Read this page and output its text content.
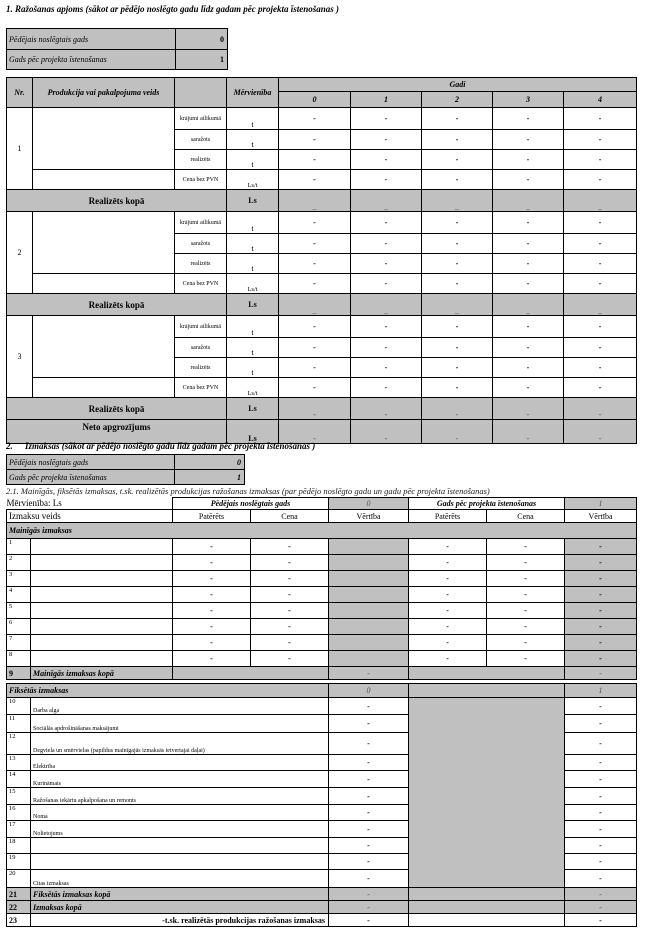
1. Ražošanas apjoms (sākot ar pēdējo noslēgto gadu līdz gadam pēc projekta īstenošanas )
Pēdējais noslēgtais gads	0
Gads pēc projekta īstenošanas	1
Nr.	Produkcija vai pakalpojuma veids		Mērvienība	Gadi				
				0	1	2	3	4
1		krājumi atlikumā	t	-	-	-	-	-
		saražots	t	-	-	-	-	-
		realizēts	t	-	-	-	-	-
		Cena bez PVN	Ls/t	-	-	-	-	-
Realizēts kopā			Ls	_	_	_	_	_
2		krājumi atlikumā	t	-	-	-	-	-
		saražots	t	-	-	-	-	-
		realizēts	t	-	-	-	-	-
		Cena bez PVN	Ls/t	-	-	-	-	-
Realizēts kopā			Ls	_	_	_	_	_
3		krājumi atlikumā	t	-	-	-	-	-
		saražots	t	-	-	-	-	-
		realizēts	t	-	-	-	-	-
		Cena bez PVN	Ls/t	-	-	-	-	-
Realizēts kopā			Ls	-	-	-	-	-
Neto apgrozījums			Ls	-	-	-	-	-
2. Izmaksas (sākot ar pēdējo noslēgto gadu līdz gadam pēc projekta īstenošanas )
Pēdējais noslēgtais gads	0
Gads pēc projekta īstenošanas	1
2.1. Mainīgās, fiksētās izmaksas, t.sk. realizētās produkcijas ražošanas izmaksas (par pēdējo noslēgto gadu un gadu pēc projekta īstenošanas)
Mērvienība: Ls		Pēdējais noslēgtais gads		0	Gads pēc projekta īstenošanas		1
Izmaksu veids		Patērēts	Cena	Vērtība	Patērēts	Cena	Vērtība
Mainīgās izmaksas							
1		-	-		-	-	-
2		-	-		-	-	-
3		-	-		-	-	-
4		-	-		-	-	-
5		-	-		-	-	-
6		-	-		-	-	-
7		-	-		-	-	-
8		-	-		-	-	-
9	Mainīgās izmaksas kopā			-			-

Fiksētās izmaksas				0			1
10	Darba alga			-			-
11	Sociālās apdrošināšanas maksājumi			-			-
12	Degviela un smērvielas (papildus mainīgajās izmaksās ietvertajai daļai)			-			-
13	Elektrība			-			-
14	Kurināmais			-			-
15	Ražošanas iekārtu apkalpošana un remonts			-			-
16	Noma			-			-
17	Nolietojums			-			-
18				-			-
19				-			-
20	Citas izmaksas			-			-
21	Fiksētās izmaksas kopā			-			-
22	Izmaksas kopā			-			-
23	-t.sk. realizētās produkcijas ražošanas izmaksas			-			-
